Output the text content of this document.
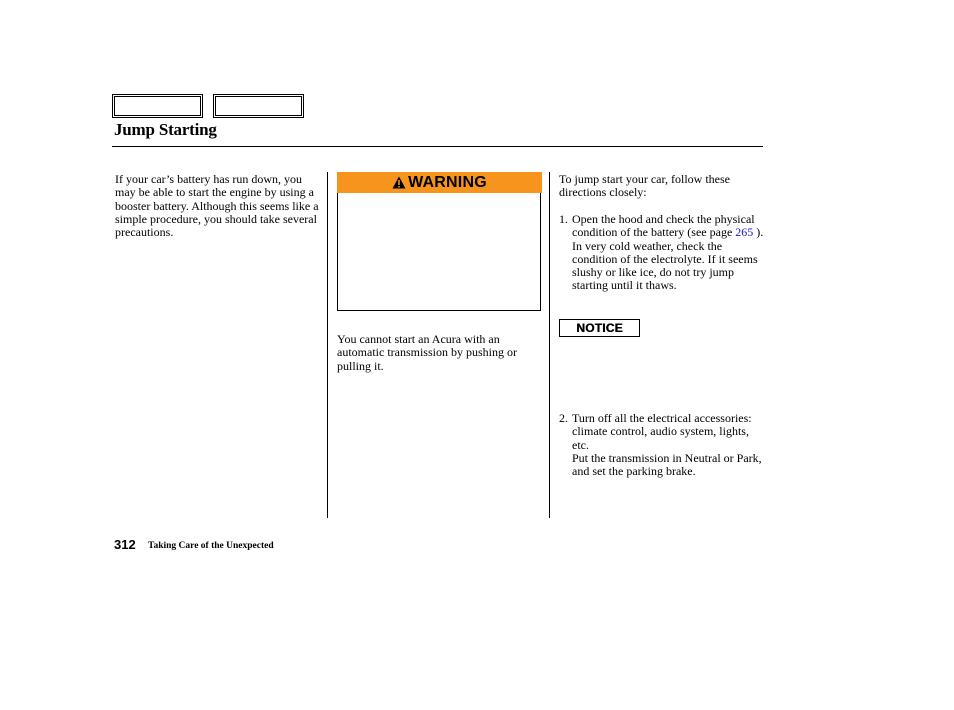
Jump Starting

If your car’s battery has run down, you may be able to start the engine by using a booster battery. Although this seems like a simple procedure, you should take several precautions.

WARNING

You cannot start an Acura with an automatic transmission by pushing or pulling it.

To jump start your car, follow these directions closely:

1. Open the hood and check the physical condition of the battery (see page 265 ). In very cold weather, check the condition of the electrolyte. If it seems slushy or like ice, do not try jump starting until it thaws.
NOTICE
2. Turn off all the electrical accessories: climate control, audio system, lights, etc.
Put the transmission in Neutral or Park, and set the parking brake.
312 Taking Care of the Unexpected
